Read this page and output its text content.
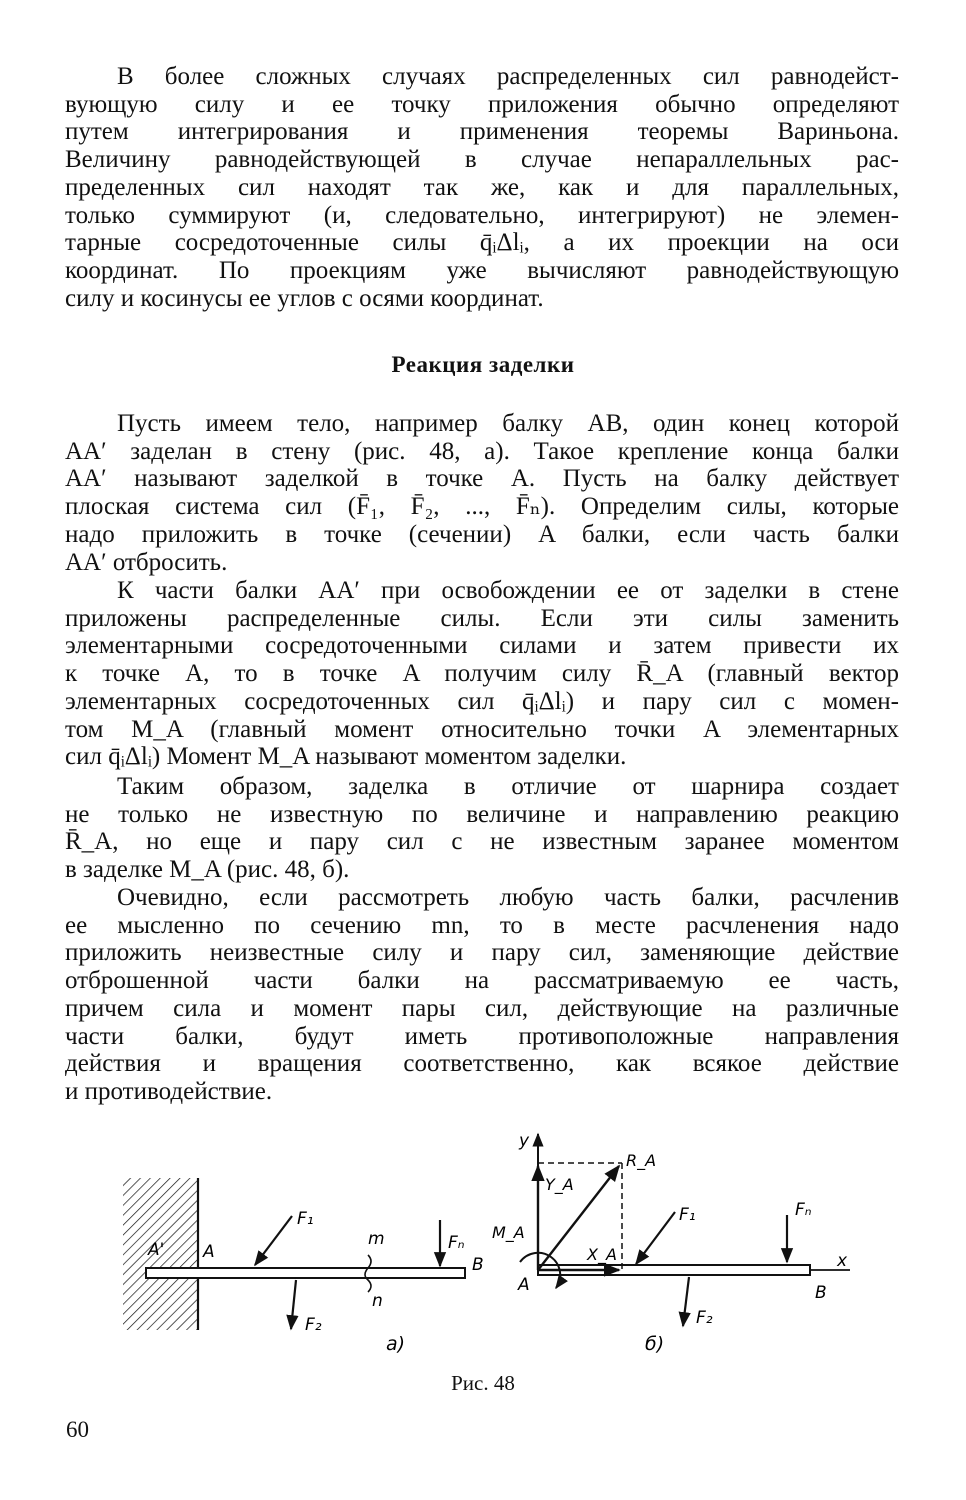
В более сложных случаях распределенных сил равнодейст-
вующую силу и ее точку приложения обычно определяют
путем интегрирования и применения теоремы Вариньона.
Величину равнодействующей в случае непараллельных рас-
пределенных сил находят так же, как и для параллельных,
только суммируют (и, следовательно, интегрируют) не элемен-
тарные сосредоточенные силы q̄ᵢΔlᵢ, а их проекции на оси
координат. По проекциям уже вычисляют равнодействующую
силу и косинусы ее углов с осями координат.

Реакция заделки

Пусть имеем тело, например балку AB, один конец которой
AA′ заделан в стену (рис. 48, a). Такое крепление конца балки
AA′ называют заделкой в точке A. Пусть на балку действует
плоская система сил (F̄₁, F̄₂, ..., F̄ₙ). Определим силы, которые
надо приложить в точке (сечении) A балки, если часть балки
AA′ отбросить.

К части балки AA′ при освобождении ее от заделки в стене
приложены распределенные силы. Если эти силы заменить
элементарными сосредоточенными силами и затем привести их
к точке A, то в точке A получим силу R̄_A (главный вектор
элементарных сосредоточенных сил q̄ᵢΔlᵢ) и пару сил с момен-
том M_A (главный момент относительно точки A элементарных
сил q̄ᵢΔlᵢ) Момент M_A называют моментом заделки.

Таким образом, заделка в отличие от шарнира создает
не только не известную по величине и направлению реакцию
R̄_A, но еще и пару сил с не известным заранее моментом
в заделке M_A (рис. 48, б).

Очевидно, если рассмотреть любую часть балки, расчленив
ее мысленно по сечению mn, то в месте расчленения надо
приложить неизвестные силу и пару сил, заменяющие действие
отброшенной части балки на рассматриваемую ее часть,
причем сила и момент пары сил, действующие на различные
части балки, будут иметь противоположные направления
действия и вращения соответственно, как всякое действие
и противодействие.

A' A
B
m
n
F₁
F₂
Fₙ
a)
y
x
A	B
R_A
Y_A
X_A
M_A
F₁
F₂
Fₙ
б)
Рис. 48
60
